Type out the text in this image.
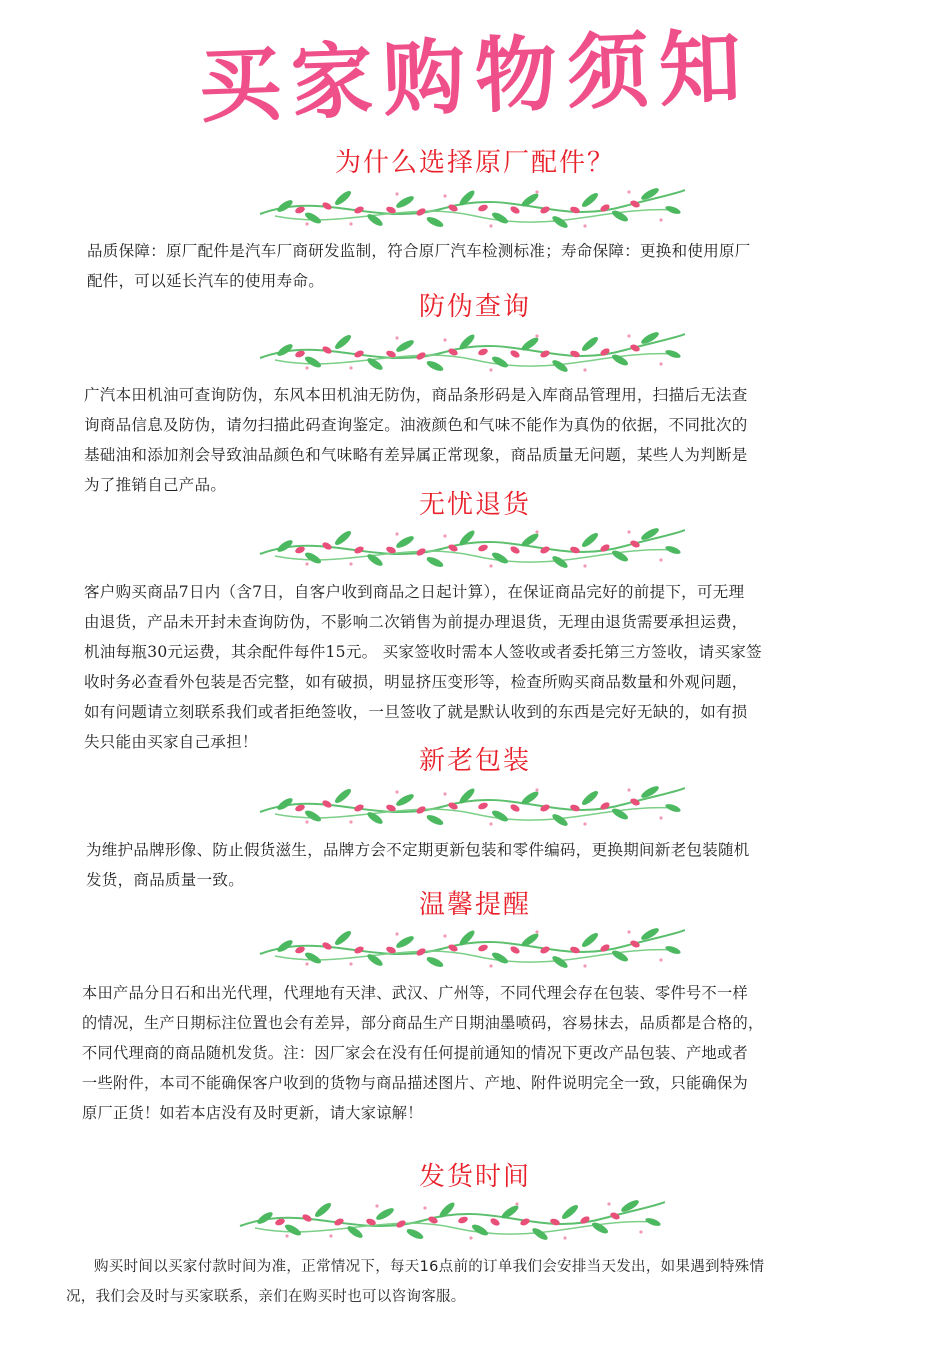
买家购物须知
为什么选择原厂配件？
品质保障：原厂配件是汽车厂商研发监制，符合原厂汽车检测标准；寿命保障：更换和使用原厂
配件，可以延长汽车的使用寿命。
防伪查询
广汽本田机油可查询防伪，东风本田机油无防伪，商品条形码是入库商品管理用，扫描后无法查
询商品信息及防伪，请勿扫描此码查询鉴定。油液颜色和气味不能作为真伪的依据，不同批次的
基础油和添加剂会导致油品颜色和气味略有差异属正常现象，商品质量无问题，某些人为判断是
为了推销自己产品。
无忧退货
客户购买商品7日内（含7日，自客户收到商品之日起计算），在保证商品完好的前提下，可无理
由退货，产品未开封未查询防伪，不影响二次销售为前提办理退货，无理由退货需要承担运费，
机油每瓶30元运费，其余配件每件15元。 买家签收时需本人签收或者委托第三方签收，请买家签
收时务必查看外包装是否完整，如有破损，明显挤压变形等，检查所购买商品数量和外观问题，
如有问题请立刻联系我们或者拒绝签收，一旦签收了就是默认收到的东西是完好无缺的，如有损
失只能由买家自己承担！
新老包装
为维护品牌形像、防止假货滋生，品牌方会不定期更新包装和零件编码，更换期间新老包装随机
发货，商品质量一致。
温馨提醒
本田产品分日石和出光代理，代理地有天津、武汉、广州等，不同代理会存在包装、零件号不一样
的情况，生产日期标注位置也会有差异，部分商品生产日期油墨喷码，容易抹去，品质都是合格的，
不同代理商的商品随机发货。注：因厂家会在没有任何提前通知的情况下更改产品包装、产地或者
一些附件，本司不能确保客户收到的货物与商品描述图片、产地、附件说明完全一致，只能确保为
原厂正货！如若本店没有及时更新，请大家谅解！
发货时间
购买时间以买家付款时间为准，正常情况下，每天16点前的订单我们会安排当天发出，如果遇到特殊情
况，我们会及时与买家联系，亲们在购买时也可以咨询客服。
